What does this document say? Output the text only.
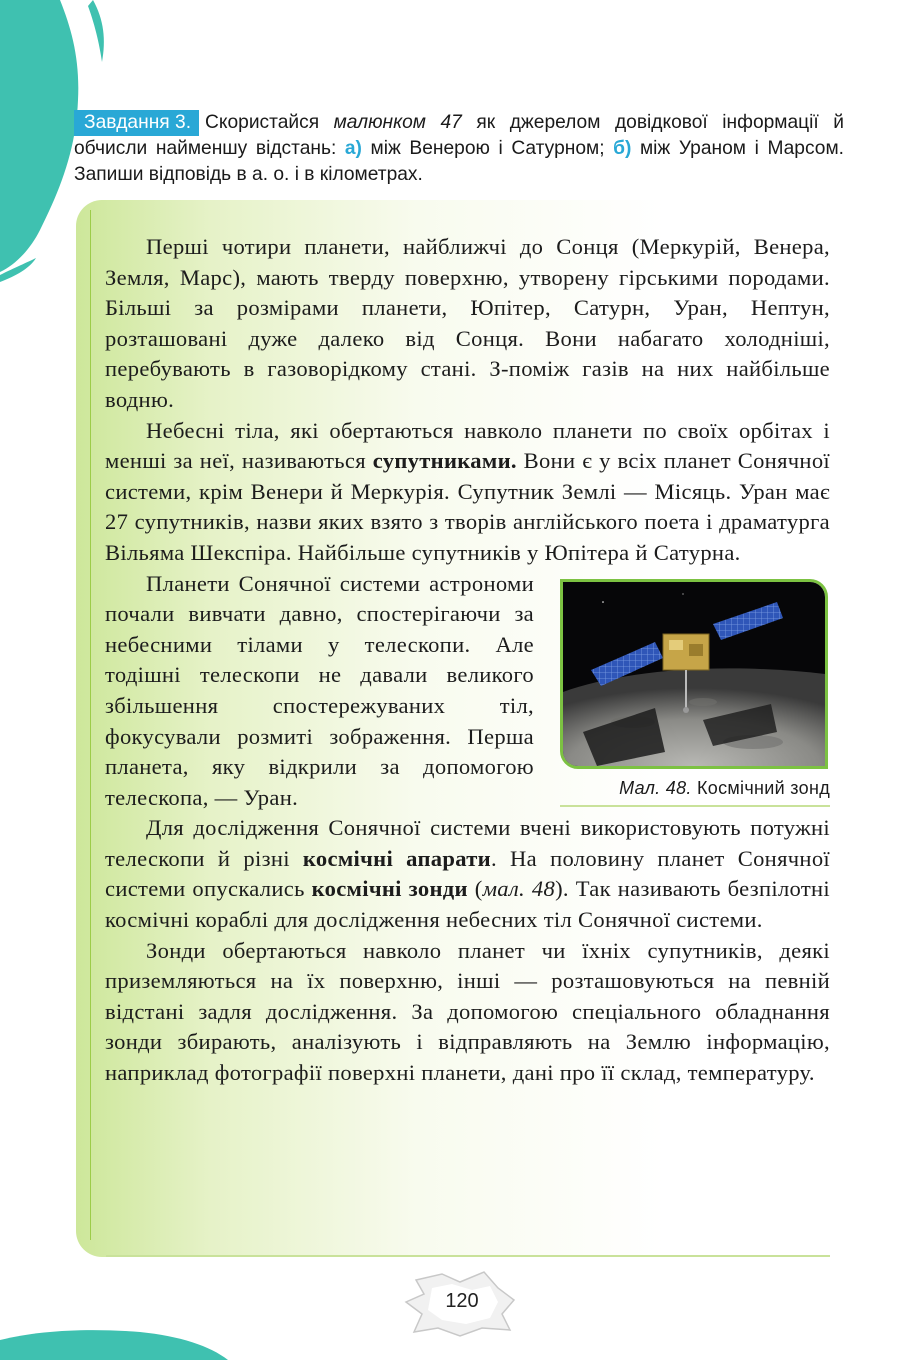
Завдання 3. Скористайся малюнком 47 як джерелом довідкової інформації й обчисли найменшу відстань: а) між Венерою і Сатурном; б) між Ураном і Марсом. Запиши відповідь в а. о. і в кілометрах.

Перші чотири планети, найближчі до Сонця (Меркурій, Венера, Земля, Марс), мають тверду поверхню, утворену гірськими породами. Більші за розмірами планети, Юпітер, Сатурн, Уран, Нептун, розташовані дуже далеко від Сонця. Вони набагато холодніші, перебувають в газоворідкому стані. З-поміж газів на них найбільше водню.

Небесні тіла, які обертаються навколо планети по своїх орбітах і менші за неї, називаються супутниками. Вони є у всіх планет Сонячної системи, крім Венери й Меркурія. Супутник Землі — Місяць. Уран має 27 супутників, назви яких взято з творів англійського поета і драматурга Вільяма Шекспіра. Найбільше супутників у Юпітера й Сатурна.

Мал. 48. Космічний зонд

Планети Сонячної системи астрономи почали вивчати давно, спостерігаючи за небесними тілами у телескопи. Але тодішні телескопи не давали великого збільшення спостережуваних тіл, фокусували розмиті зображення. Перша планета, яку відкрили за допомогою телескопа, — Уран.

Для дослідження Сонячної системи вчені використовують потужні телескопи й різні космічні апарати. На половину планет Сонячної системи опускались космічні зонди (мал. 48). Так називають безпілотні космічні кораблі для дослідження небесних тіл Сонячної системи.

Зонди обертаються навколо планет чи їхніх супутників, деякі приземляються на їх поверхню, інші — розташовуються на певній відстані задля дослідження. За допомогою спеціального обладнання зонди збирають, аналізують і відправляють на Землю інформацію, наприклад фотографії поверхні планети, дані про її склад, температуру.

120
